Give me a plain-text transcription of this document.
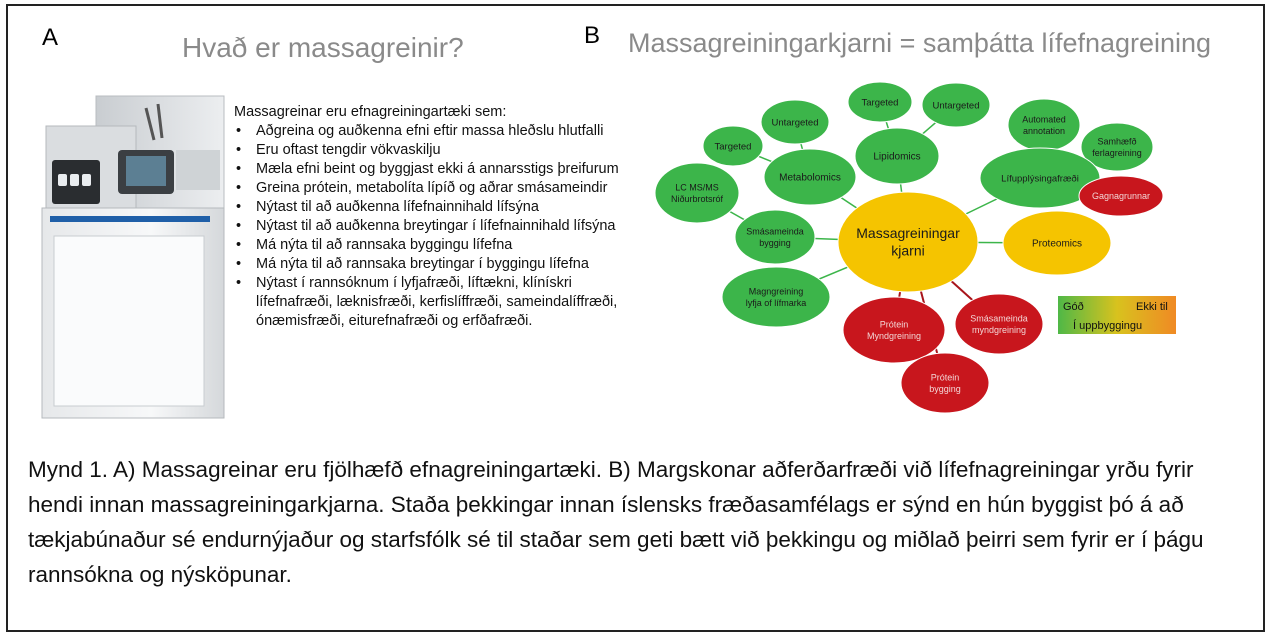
A	Hvað er massagreinir?
Massagreinar eru efnagreiningartæki sem:
• Aðgreina og auðkenna efni eftir massa hleðslu hlutfalli
• Eru oftast tengdir vökvaskilju
• Mæla efni beint og byggjast ekki á annarsstigs þreifurum
• Greina prótein, metabolíta lípíð og aðrar smásameindir
• Nýtast til að auðkenna lífefnainnihald lífsýna
• Nýtast til að auðkenna breytingar í lífefnainnihald lífsýna
• Má nýta til að rannsaka byggingu lífefna
• Má nýta til að rannsaka breytingar í byggingu lífefna
• Nýtast í rannsóknum í lyfjafræði, líftækni, klínískri lífefnafræði, læknisfræði, kerfislíffræði, sameindalíffræði, ónæmisfræði, eiturefnafræði og erfðafræði.
B Massagreiningarkjarni = samþátta lífefnagreining
Massagreiningar
kjarni
Untargeted
Targeted	Untargeted
Automated
annotation
Targeted
Lipidomics
Metabolomics
Samhæfð
ferlagreining
Lífupplýsingafræði
Gagnagrunnar
LC MS/MS
Niðurbrotsróf
Smásameinda
bygging	Proteomics
Magngreining
lyfja of lífmarka
Prótein
Myndgreining
Smásameinda
myndgreining
Prótein
bygging
Góð	Ekki til
Í uppbyggingu

Mynd 1. A) Massagreinar eru fjölhæfð efnagreiningartæki. B) Margskonar aðferðarfræði við lífefnagreiningar yrðu fyrir hendi innan massagreiningarkjarna. Staða þekkingar innan íslensks fræðasamfélags er sýnd en hún byggist þó á að tækjabúnaður sé endurnýjaður og starfsfólk sé til staðar sem geti bætt við þekkingu og miðlað þeirri sem fyrir er í þágu rannsókna og nýsköpunar.
